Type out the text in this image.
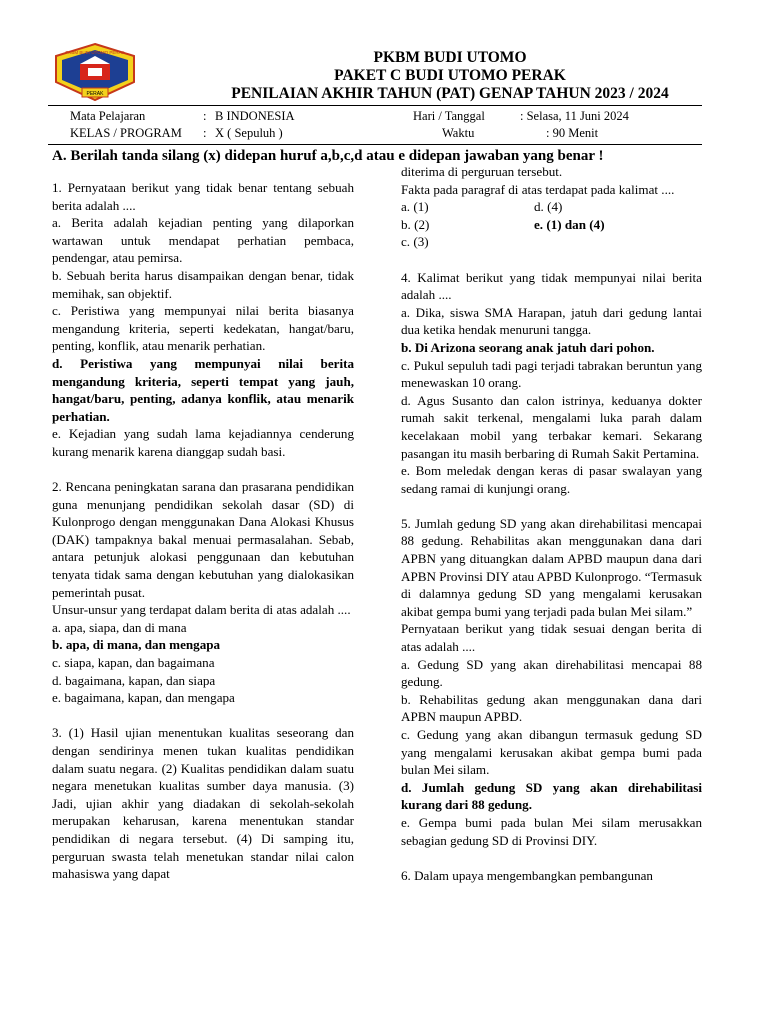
PKBM BUDI UTOMO PERAK
PERAK
PKBM BUDI UTOMO
PAKET C BUDI UTOMO PERAK
PENILAIAN AKHIR TAHUN (PAT) GENAP TAHUN 2023 / 2024
Mata Pelajaran	: B INDONESIA	Hari / Tanggal	: Selasa, 11 Juni 2024
KELAS / PROGRAM : X ( Sepuluh )	Waktu	: 90 Menit
A. Berilah tanda silang (x) didepan huruf a,b,c,d atau e didepan jawaban yang benar !

1. Pernyataan berikut yang tidak benar tentang sebuah berita adalah ....

a. Berita adalah kejadian penting yang dilaporkan wartawan untuk mendapat perhatian pembaca, pendengar, atau pemirsa.

b. Sebuah berita harus disampaikan dengan benar, tidak memihak, san objektif.

c. Peristiwa yang mempunyai nilai berita biasanya mengandung kriteria, seperti kedekatan, hangat/baru, penting, konflik, atau menarik perhatian.

d. Peristiwa yang mempunyai nilai berita mengandung kriteria, seperti tempat yang jauh, hangat/baru, penting, adanya konflik, atau menarik perhatian.

e. Kejadian yang sudah lama kejadiannya cenderung kurang menarik karena dianggap sudah basi.

2. Rencana peningkatan sarana dan prasarana pendidikan guna menunjang pendidikan sekolah dasar (SD) di Kulonprogo dengan menggunakan Dana Alokasi Khusus (DAK) tampaknya bakal menuai permasalahan. Sebab, antara petunjuk alokasi penggunaan dan kebutuhan tenyata tidak sama dengan kebutuhan yang dialokasikan pemerintah pusat.

Unsur-unsur yang terdapat dalam berita di atas adalah ....

a. apa, siapa, dan di mana

b. apa, di mana, dan mengapa

c. siapa, kapan, dan bagaimana

d. bagaimana, kapan, dan siapa

e. bagaimana, kapan, dan mengapa

3. (1) Hasil ujian menentukan kualitas seseorang dan dengan sendirinya menen tukan kualitas pendidikan dalam suatu negara. (2) Kualitas pendidikan dalam suatu negara menetukan kualitas sumber daya manusia. (3) Jadi, ujian akhir yang diadakan di sekolah-sekolah merupakan keharusan, karena menentukan standar pendidikan di negara tersebut. (4) Di samping itu, perguruan swasta telah menetukan standar nilai calon mahasiswa yang dapat

diterima di perguruan tersebut.

Fakta pada paragraf di atas terdapat pada kalimat ....

a. (1)	d. (4)
b. (2)	e. (1) dan (4)

c. (3)

4. Kalimat berikut yang tidak mempunyai nilai berita adalah ....

a. Dika, siswa SMA Harapan, jatuh dari gedung lantai dua ketika hendak menuruni tangga.

b. Di Arizona seorang anak jatuh dari pohon.

c. Pukul sepuluh tadi pagi terjadi tabrakan beruntun yang menewaskan 10 orang.

d. Agus Susanto dan calon istrinya, keduanya dokter rumah sakit terkenal, mengalami luka parah dalam kecelakaan mobil yang terbakar kemari. Sekarang pasangan itu masih berbaring di Rumah Sakit Pertamina.

e. Bom meledak dengan keras di pasar swalayan yang sedang ramai di kunjungi orang.

5. Jumlah gedung SD yang akan direhabilitasi mencapai 88 gedung. Rehabilitas akan menggunakan dana dari APBN yang dituangkan dalam APBD maupun dana dari APBN Provinsi DIY atau APBD Kulonprogo. “Termasuk di dalamnya gedung SD yang mengalami kerusakan akibat gempa bumi yang terjadi pada bulan Mei silam.”

Pernyataan berikut yang tidak sesuai dengan berita di atas adalah ....

a. Gedung SD yang akan direhabilitasi mencapai 88 gedung.

b. Rehabilitas gedung akan menggunakan dana dari APBN maupun APBD.

c. Gedung yang akan dibangun termasuk gedung SD yang mengalami kerusakan akibat gempa bumi pada bulan Mei silam.

d. Jumlah gedung SD yang akan direhabilitasi kurang dari 88 gedung.

e. Gempa bumi pada bulan Mei silam merusakkan sebagian gedung SD di Provinsi DIY.

6. Dalam upaya mengembangkan pembangunan
